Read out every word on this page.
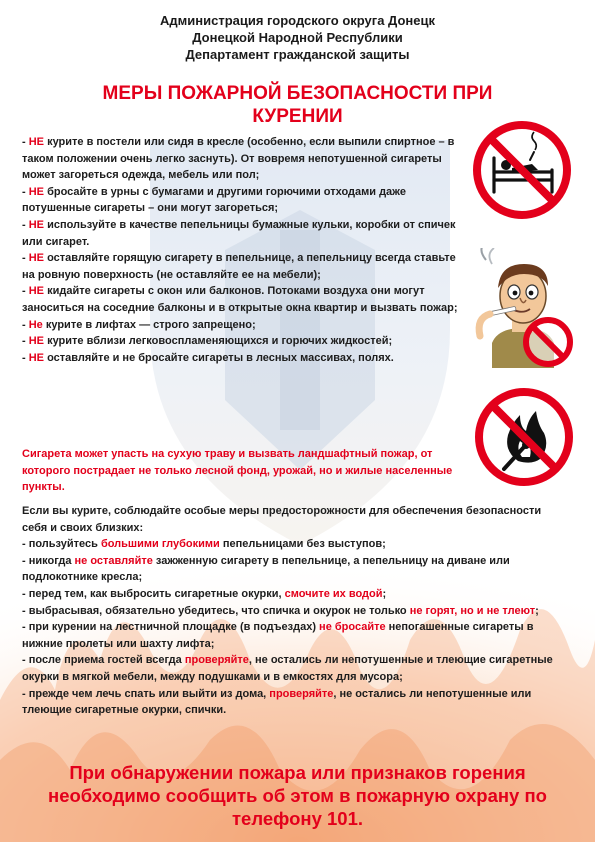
Администрация городского округа Донецк
Донецкой Народной Республики
Департамент гражданской защиты
МЕРЫ ПОЖАРНОЙ БЕЗОПАСНОСТИ ПРИ
КУРЕНИИ

- НЕ курите в постели или сидя в кресле (особенно, если выпили спиртное – в таком положении очень легко заснуть). От вовремя непотушенной сигареты может загореться одежда, мебель или пол;

- НЕ бросайте в урны с бумагами и другими горючими отходами даже потушенные сигареты – они могут загореться;

- НЕ используйте в качестве пепельницы бумажные кульки, коробки от спичек или сигарет.

- НЕ оставляйте горящую сигарету в пепельнице, а пепельницу всегда ставьте на ровную поверхность (не оставляйте ее на мебели);

- НЕ кидайте сигареты с окон или балконов. Потоками воздуха они могут заноситься на соседние балконы и в открытые окна квартир и вызвать пожар;

- Не курите в лифтах — строго запрещено;

- НЕ курите вблизи легковоспламеняющихся и горючих жидкостей;

- НЕ оставляйте и не бросайте сигареты в лесных массивах, полях.

Сигарета может упасть на сухую траву и вызвать ландшафтный пожар, от которого пострадает не только лесной фонд, урожай, но и жилые населенные пункты.

Если вы курите, соблюдайте особые меры предосторожности для обеспечения безопасности себя и своих близких:

- пользуйтесь большими глубокими пепельницами без выступов;

- никогда не оставляйте зажженную сигарету в пепельнице, а пепельницу на диване или подлокотнике кресла;

- перед тем, как выбросить сигаретные окурки, смочите их водой;

- выбрасывая, обязательно убедитесь, что спичка и окурок не только не горят, но и не тлеют;

- при курении на лестничной площадке (в подъездах) не бросайте непогашенные сигареты в нижние пролеты или шахту лифта;

- после приема гостей всегда проверяйте, не остались ли непотушенные и тлеющие сигаретные окурки в мягкой мебели, между подушками и в емкостях для мусора;

- прежде чем лечь спать или выйти из дома, проверяйте, не остались ли непотушенные или тлеющие сигаретные окурки, спички.

При обнаружении пожара или признаков горения
необходимо сообщить об этом в пожарную охрану по
телефону 101.
